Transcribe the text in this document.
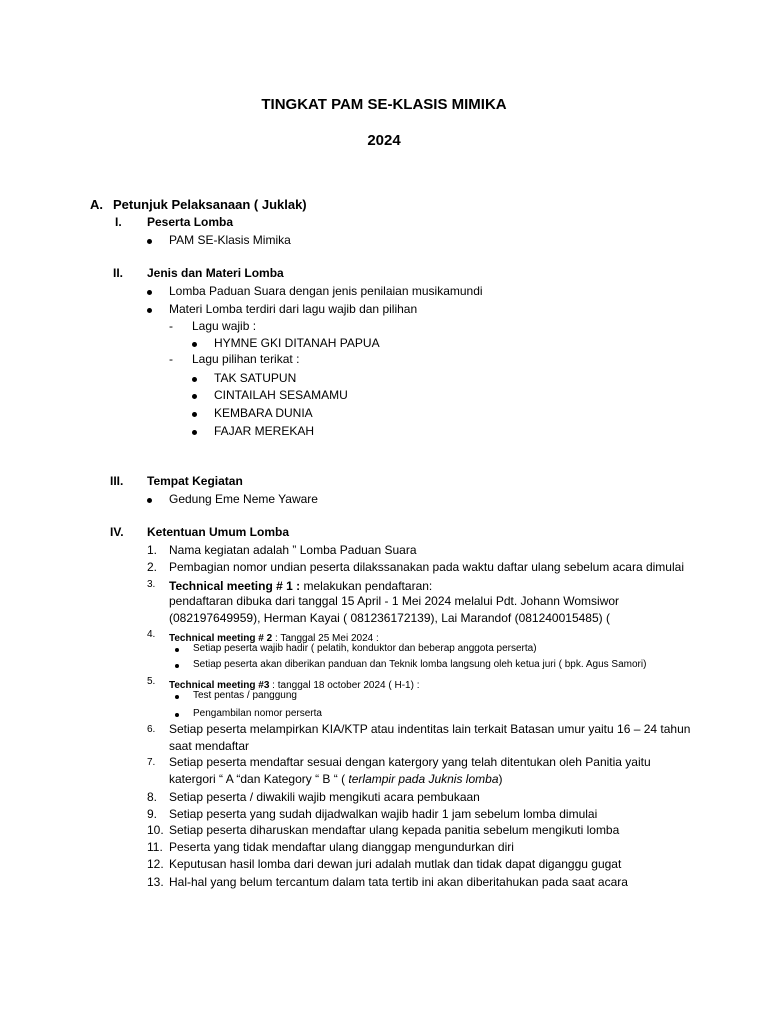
TINGKAT PAM SE-KLASIS MIMIKA
2024
A. Petunjuk Pelaksanaan ( Juklak)
I. Peserta Lomba
PAM SE-Klasis Mimika
II. Jenis dan Materi Lomba
Lomba Paduan Suara dengan jenis penilaian musikamundi
Materi Lomba terdiri dari lagu wajib dan pilihan
- Lagu wajib :
HYMNE GKI DITANAH PAPUA
- Lagu pilihan terikat :
TAK SATUPUN
CINTAILAH SESAMAMU
KEMBARA DUNIA
FAJAR MEREKAH
III. Tempat Kegiatan
Gedung Eme Neme Yaware
IV. Ketentuan Umum Lomba
1. Nama kegiatan adalah ” Lomba Paduan Suara
2. Pembagian nomor undian peserta dilakssanakan pada waktu daftar ulang sebelum acara dimulai
3. Technical meeting # 1 : melakukan pendaftaran:
pendaftaran dibuka dari tanggal 15 April - 1 Mei 2024 melalui Pdt. Johann Womsiwor
(082197649959), Herman Kayai ( 081236172139), Lai Marandof (081240015485) (
4. Technical meeting # 2 : Tanggal 25 Mei 2024 :
Setiap peserta wajib hadir ( pelatih, konduktor dan beberap anggota perserta)
Setiap peserta akan diberikan panduan dan Teknik lomba langsung oleh ketua juri ( bpk. Agus Samori)
5. Technical meeting #3 : tanggal 18 october 2024 ( H-1) :
Test pentas / panggung
Pengambilan nomor perserta
6. Setiap peserta melampirkan KIA/KTP atau indentitas lain terkait Batasan umur yaitu 16 – 24 tahun
saat mendaftar
7. Setiap peserta mendaftar sesuai dengan katergory yang telah ditentukan oleh Panitia yaitu
katergori “ A “dan Kategory “ B “ ( terlampir pada Juknis lomba)
8. Setiap peserta / diwakili wajib mengikuti acara pembukaan
9. Setiap peserta yang sudah dijadwalkan wajib hadir 1 jam sebelum lomba dimulai
10. Setiap peserta diharuskan mendaftar ulang kepada panitia sebelum mengikuti lomba
11. Peserta yang tidak mendaftar ulang dianggap mengundurkan diri
12. Keputusan hasil lomba dari dewan juri adalah mutlak dan tidak dapat diganggu gugat
13. Hal-hal yang belum tercantum dalam tata tertib ini akan diberitahukan pada saat acara
